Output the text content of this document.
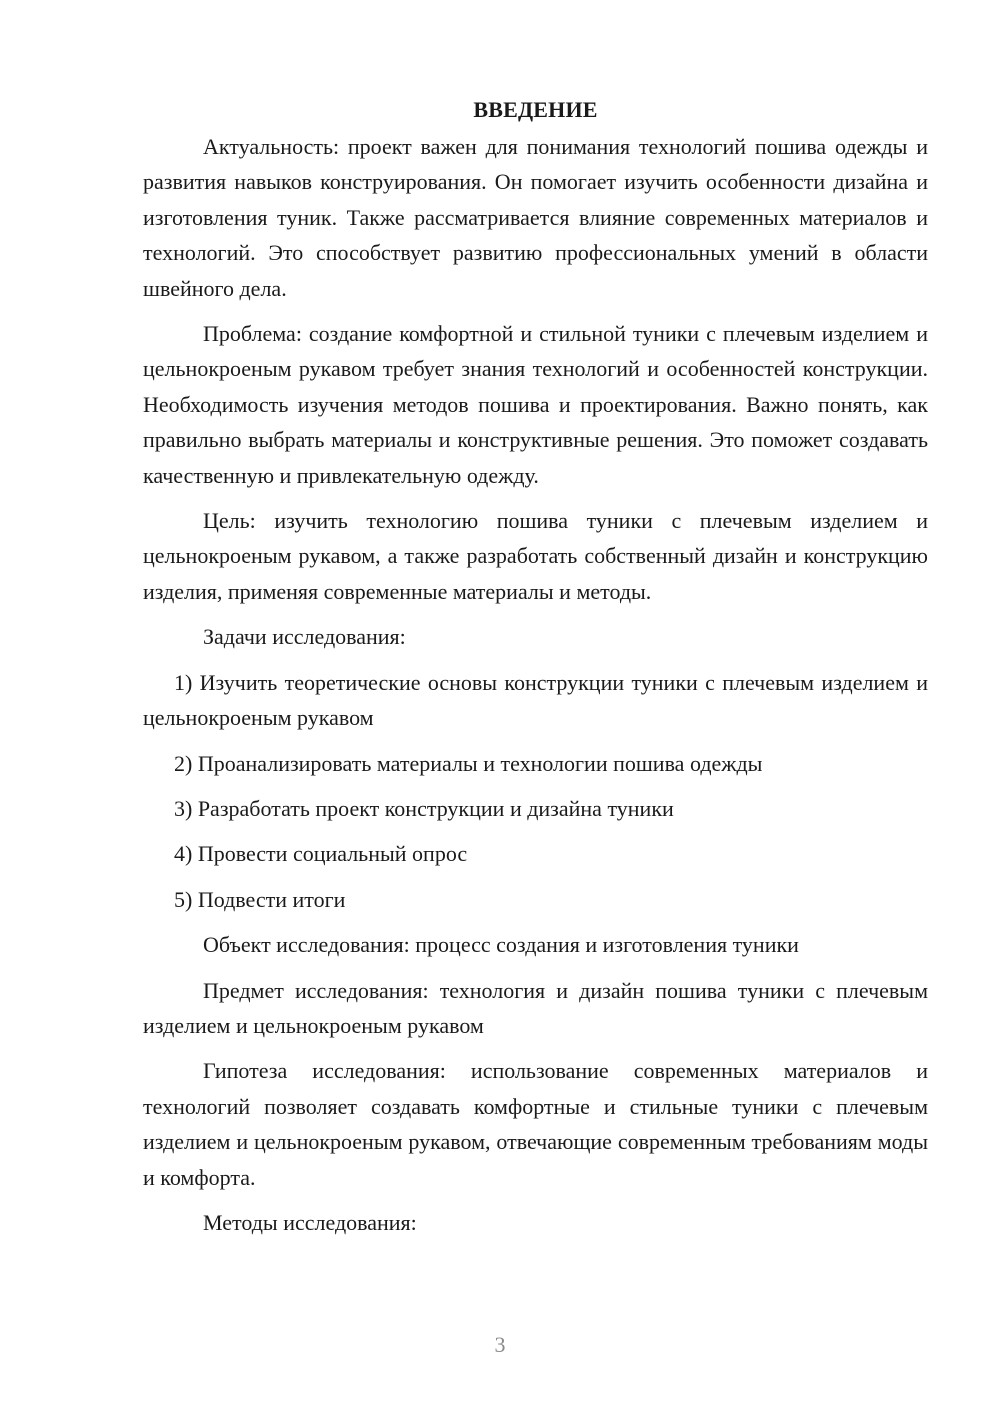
ВВЕДЕНИЕ

Актуальность: проект важен для понимания технологий пошива одежды и развития навыков конструирования. Он помогает изучить особенности дизайна и изготовления туник. Также рассматривается влияние современных материалов и технологий. Это способствует развитию профессиональных умений в области швейного дела.

Проблема: создание комфортной и стильной туники с плечевым изделием и цельнокроеным рукавом требует знания технологий и особенностей конструкции. Необходимость изучения методов пошива и проектирования. Важно понять, как правильно выбрать материалы и конструктивные решения. Это поможет создавать качественную и привлекательную одежду.

Цель: изучить технологию пошива туники с плечевым изделием и цельнокроеным рукавом, а также разработать собственный дизайн и конструкцию изделия, применяя современные материалы и методы.

Задачи исследования:

1) Изучить теоретические основы конструкции туники с плечевым изделием и цельнокроеным рукавом

2) Проанализировать материалы и технологии пошива одежды

3) Разработать проект конструкции и дизайна туники

4) Провести социальный опрос

5) Подвести итоги

Объект исследования: процесс создания и изготовления туники

Предмет исследования: технология и дизайн пошива туники с плечевым изделием и цельнокроеным рукавом

Гипотеза исследования: использование современных материалов и технологий позволяет создавать комфортные и стильные туники с плечевым изделием и цельнокроеным рукавом, отвечающие современным требованиям моды и комфорта.

Методы исследования:

3
